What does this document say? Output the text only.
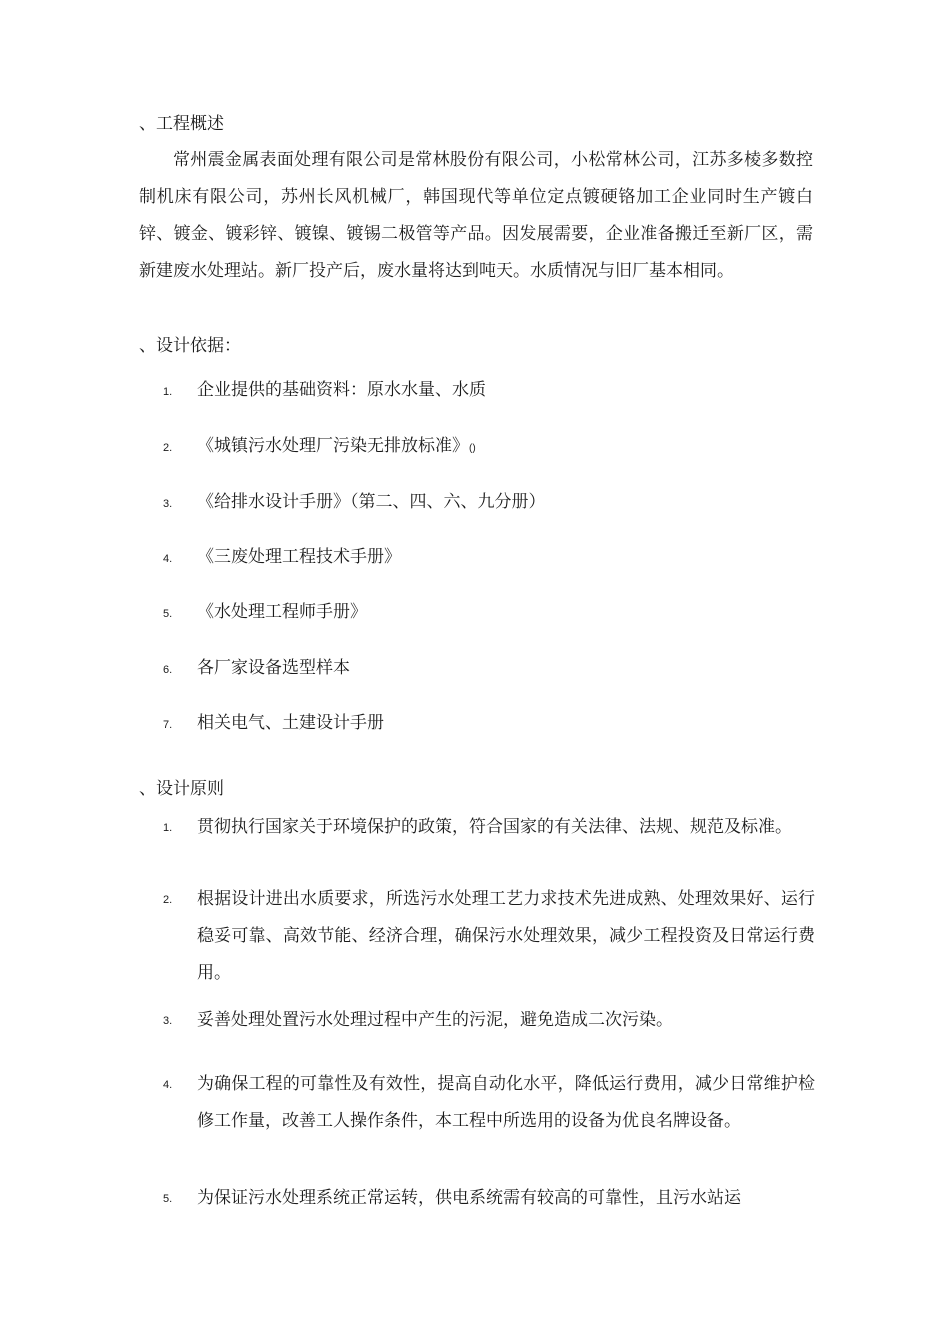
、工程概述

常州震金属表面处理有限公司是常林股份有限公司，小松常林公司，江苏多棱多数控制机床有限公司，苏州长风机械厂，韩国现代等单位定点镀硬铬加工企业同时生产镀白锌、镀金、镀彩锌、镀镍、镀锡二极管等产品。因发展需要，企业准备搬迁至新厂区，需新建废水处理站。新厂投产后，废水量将达到吨天。水质情况与旧厂基本相同。

、设计依据：
1.	企业提供的基础资料：原水水量、水质

2.	《城镇污水处理厂污染无排放标准》()

3.	《给排水设计手册》（第二、四、六、九分册）

4.	《三废处理工程技术手册》

5.	《水处理工程师手册》

6.	各厂家设备选型样本

7.	相关电气、土建设计手册

、设计原则
1.	贯彻执行国家关于环境保护的政策，符合国家的有关法律、法规、规范及标准。

2.	根据设计进出水质要求，所选污水处理工艺力求技术先进成熟、处理效果好、运行稳妥可靠、高效节能、经济合理，确保污水处理效果，减少工程投资及日常运行费用。

3.	妥善处理处置污水处理过程中产生的污泥，避免造成二次污染。

4.	为确保工程的可靠性及有效性，提高自动化水平，降低运行费用，减少日常维护检修工作量，改善工人操作条件，本工程中所选用的设备为优良名牌设备。

5.	为保证污水处理系统正常运转，供电系统需有较高的可靠性，且污水站运
